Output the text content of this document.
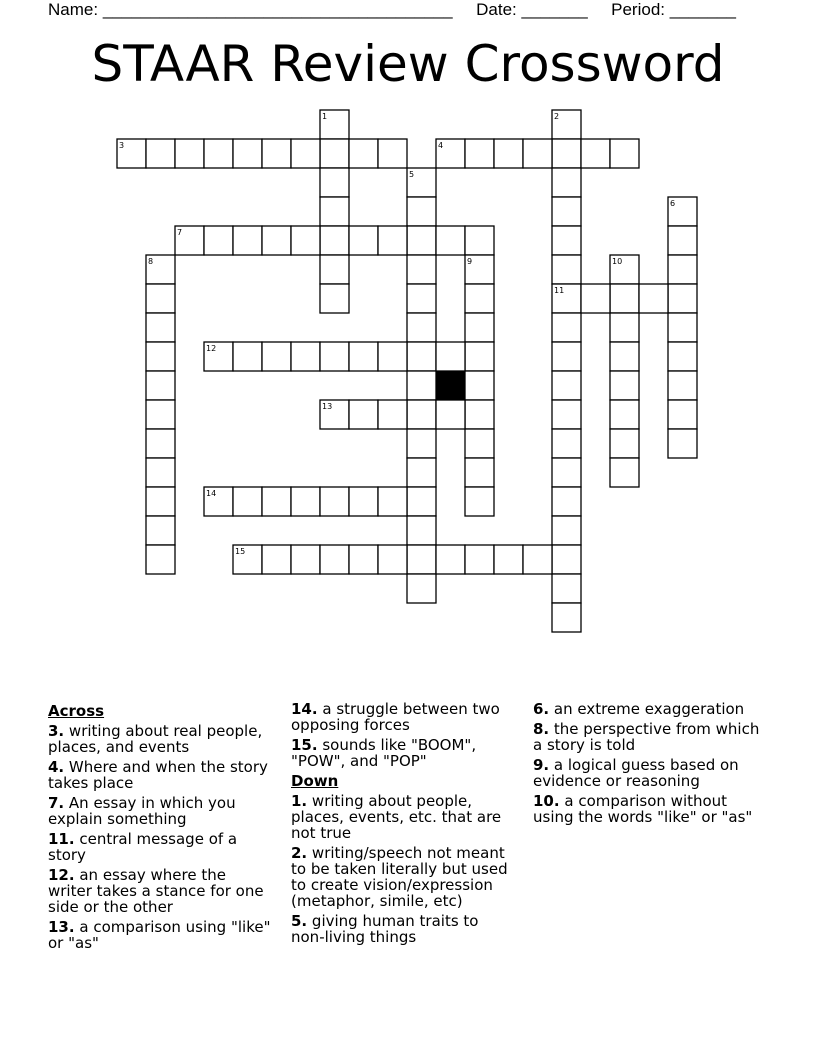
Name: _____________________________________ Date: _______ Period: _______
STAAR Review Crossword
1	2
3	4
5
6
7
8	9	10
11
12
13
14
15
Across
3. writing about real people, places, and events
4. Where and when the story takes place
7. An essay in which you explain something
11. central message of a story
12. an essay where the writer takes a stance for one side or the other
13. a comparison using "like" or "as"
14. a struggle between two opposing forces
15. sounds like "BOOM", "POW", and "POP"
Down
1. writing about people, places, events, etc. that are not true
2. writing/speech not meant to be taken literally but used to create vision/expression (metaphor, simile, etc)
5. giving human traits to non-living things
6. an extreme exaggeration
8. the perspective from which a story is told
9. a logical guess based on evidence or reasoning
10. a comparison without using the words "like" or "as"
